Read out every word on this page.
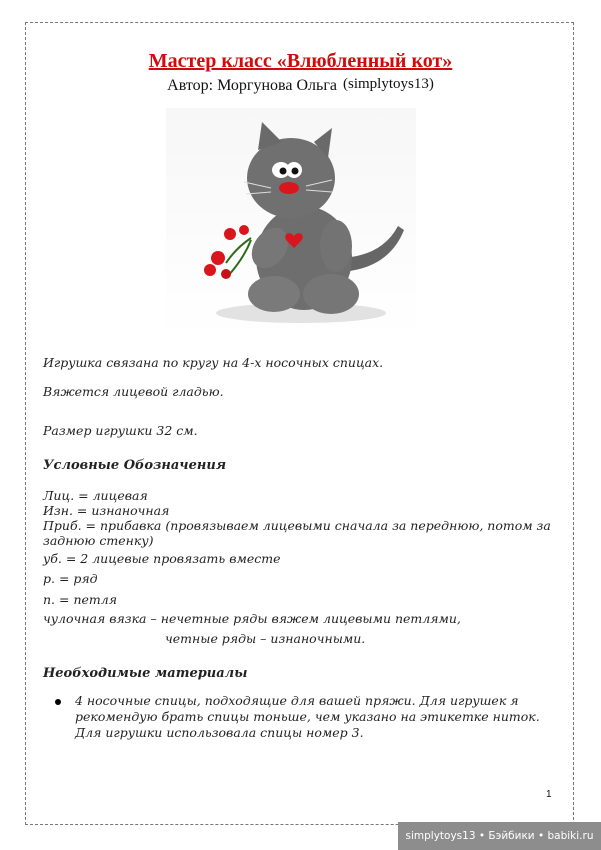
Мастер класс «Влюбленный кот»
Автор: Моргунова Ольга (simplytoys13)
Игрушка связана по кругу на 4-х носочных спицах.
Вяжется лицевой гладью.
Размер игрушки 32 см.
Условные Обозначения
Лиц. = лицевая
Изн. = изнаночная
Приб. = прибавка (провязываем лицевыми сначала за переднюю, потом за
заднюю стенку)
уб. = 2 лицевые провязать вместе
р. = ряд
п. = петля
чулочная вязка – нечетные ряды вяжем лицевыми петлями,
четные ряды – изнаночными.
Необходимые материалы
4 носочные спицы, подходящие для вашей пряжи. Для игрушек я рекомендую брать спицы тоньше, чем указано на этикетке ниток. Для игрушки использовала спицы номер 3.
1
simplytoys13 • Бэйбики • babiki.ru
